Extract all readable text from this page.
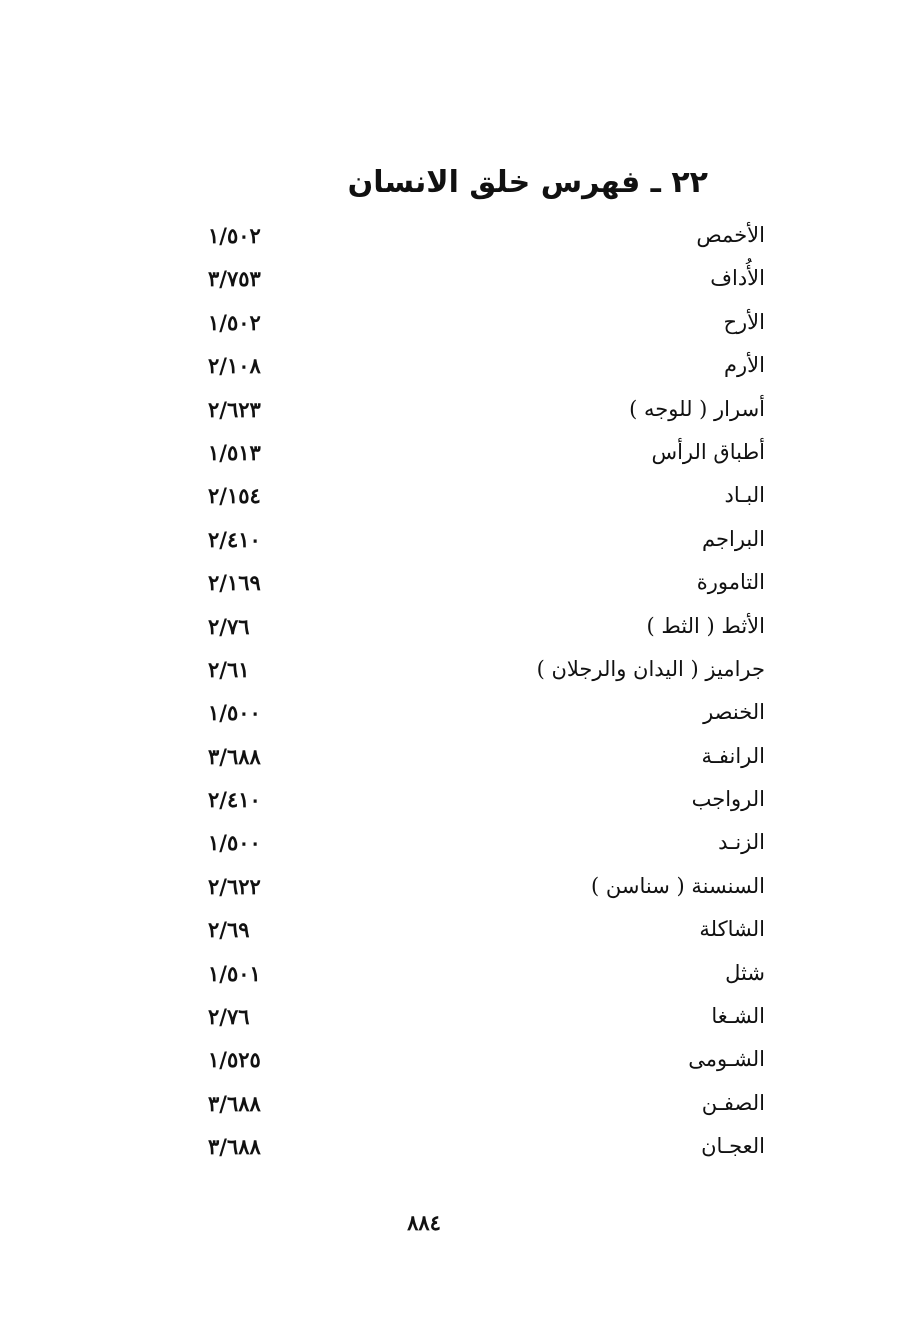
٢٢ ـ فهرس خلق الانسان
الأخمص
١/٥٠٢
الأُداف
٣/٧٥٣
الأرح
١/٥٠٢
الأرم
٢/١٠٨
أسرار ( للوجه )
٢/٦٢٣
أطباق الرأس
١/٥١٣
البـاد
٢/١٥٤
البراجم
٢/٤١٠
التامورة
٢/١٦٩
الأثط ( الثط )
٢/٧٦
جراميز ( اليدان والرجلان )
٢/٦١
الخنصر
١/٥٠٠
الرانفـة
٣/٦٨٨
الرواجب
٢/٤١٠
الزنـد
١/٥٠٠
السنسنة ( سناسن )
٢/٦٢٢
الشاكلة
٢/٦٩
شثل
١/٥٠١
الشـغا
٢/٧٦
الشـومى
١/٥٢٥
الصفـن
٣/٦٨٨
العجـان
٣/٦٨٨
٨٨٤
